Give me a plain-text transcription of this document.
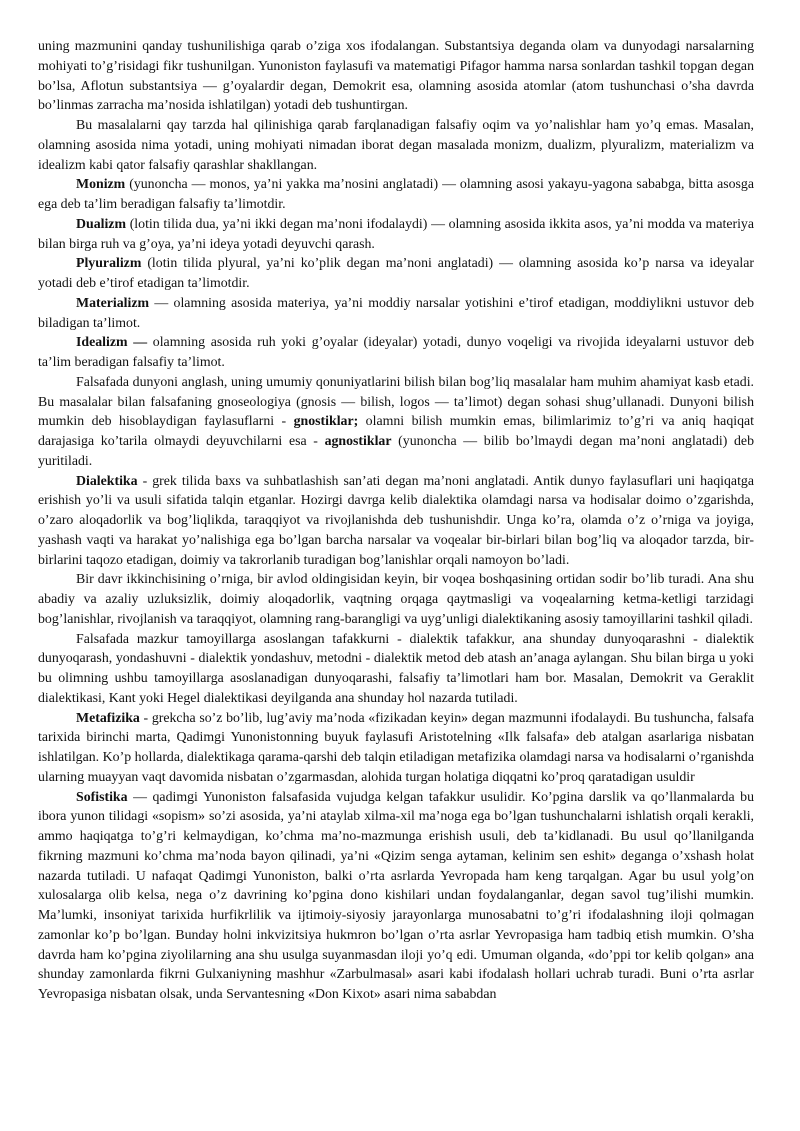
uning mazmunini qanday tushunilishiga qarab o’ziga xos ifodalangan. Substantsiya deganda olam va dunyodagi narsalarning mohiyati to’g’risidagi fikr tushunilgan. Yunoniston faylasufi va matematigi Pifagor hamma narsa sonlardan tashkil topgan degan bo’lsa, Aflotun substantsiya — g’oyalardir degan, Demokrit esa, olamning asosida atomlar (atom tushunchasi o’sha davrda bo’linmas zarracha ma’nosida ishlatilgan) yotadi deb tushuntirgan.

Bu masalalarni qay tarzda hal qilinishiga qarab farqlanadigan falsafiy oqim va yo’nalishlar ham yo’q emas. Masalan, olamning asosida nima yotadi, uning mohiyati nimadan iborat degan masalada monizm, dualizm, plyuralizm, materializm va idealizm kabi qator falsafiy qarashlar shakllangan.

Monizm (yunoncha — monos, ya’ni yakka ma’nosini anglatadi) — olamning asosi yakayu-yagona sababga, bitta asosga ega deb ta’lim beradigan falsafiy ta’limotdir.

Dualizm (lotin tilida dua, ya’ni ikki degan ma’noni ifodalaydi) — olamning asosida ikkita asos, ya’ni modda va materiya bilan birga ruh va g’oya, ya’ni ideya yotadi deyuvchi qarash.

Plyuralizm (lotin tilida plyural, ya’ni ko’plik degan ma’noni anglatadi) — olamning asosida ko’p narsa va ideyalar yotadi deb e’tirof etadigan ta’limotdir.

Materializm — olamning asosida materiya, ya’ni moddiy narsalar yotishini e’tirof etadigan, moddiylikni ustuvor deb biladigan ta’limot.

Idealizm — olamning asosida ruh yoki g’oyalar (ideyalar) yotadi, dunyo voqeligi va rivojida ideyalarni ustuvor deb ta’lim beradigan falsafiy ta’limot.

Falsafada dunyoni anglash, uning umumiy qonuniyatlarini bilish bilan bog’liq masalalar ham muhim ahamiyat kasb etadi. Bu masalalar bilan falsafaning gnoseologiya (gnosis — bilish, logos — ta’limot) degan sohasi shug’ullanadi. Dunyoni bilish mumkin deb hisoblaydigan faylasuflarni - gnostiklar; olamni bilish mumkin emas, bilimlarimiz to’g’ri va aniq haqiqat darajasiga ko’tarila olmaydi deyuvchilarni esa - agnostiklar (yunoncha — bilib bo’lmaydi degan ma’noni anglatadi) deb yuritiladi.

Dialektika - grek tilida baxs va suhbatlashish san’ati degan ma’noni anglatadi. Antik dunyo faylasuflari uni haqiqatga erishish yo’li va usuli sifatida talqin etganlar. Hozirgi davrga kelib dialektika olamdagi narsa va hodisalar doimo o’zgarishda, o’zaro aloqadorlik va bog’liqlikda, taraqqiyot va rivojlanishda deb tushunishdir. Unga ko’ra, olamda o’z o’rniga va joyiga, yashash vaqti va harakat yo’nalishiga ega bo’lgan barcha narsalar va voqealar bir-birlari bilan bog’liq va aloqador tarzda, bir-birlarini taqozo etadigan, doimiy va takrorlanib turadigan bog’lanishlar orqali namoyon bo’ladi.

Bir davr ikkinchisining o’rniga, bir avlod oldingisidan keyin, bir voqea boshqasining ortidan sodir bo’lib turadi. Ana shu abadiy va azaliy uzluksizlik, doimiy aloqadorlik, vaqtning orqaga qaytmasligi va voqealarning ketma-ketligi tarzidagi bog’lanishlar, rivojlanish va taraqqiyot, olamning rang-barangligi va uyg’unligi dialektikaning asosiy tamoyillarini tashkil qiladi.

Falsafada mazkur tamoyillarga asoslangan tafakkurni - dialektik tafakkur, ana shunday dunyoqarashni - dialektik dunyoqarash, yondashuvni - dialektik yondashuv, metodni - dialektik metod deb atash an’anaga aylangan. Shu bilan birga u yoki bu olimning ushbu tamoyillarga asoslanadigan dunyoqarashi, falsafiy ta’limotlari ham bor. Masalan, Demokrit va Geraklit dialektikasi, Kant yoki Hegel dialektikasi deyilganda ana shunday hol nazarda tutiladi.

Metafizika - grekcha so’z bo’lib, lug’aviy ma’noda «fizikadan keyin» degan mazmunni ifodalaydi. Bu tushuncha, falsafa tarixida birinchi marta, Qadimgi Yunonistonning buyuk faylasufi Aristotelning «Ilk falsafa» deb atalgan asarlariga nisbatan ishlatilgan. Ko’p hollarda, dialektikaga qarama-qarshi deb talqin etiladigan metafizika olamdagi narsa va hodisalarni o’rganishda ularning muayyan vaqt davomida nisbatan o’zgarmasdan, alohida turgan holatiga diqqatni ko’proq qaratadigan usuldir

Sofistika — qadimgi Yunoniston falsafasida vujudga kelgan tafakkur usulidir. Ko’pgina darslik va qo’llanmalarda bu ibora yunon tilidagi «sopism» so’zi asosida, ya’ni ataylab xilma-xil ma’noga ega bo’lgan tushunchalarni ishlatish orqali kerakli, ammo haqiqatga to’g’ri kelmaydigan, ko’chma ma’no-mazmunga erishish usuli, deb ta’kidlanadi. Bu usul qo’llanilganda fikrning mazmuni ko’chma ma’noda bayon qilinadi, ya’ni «Qizim senga aytaman, kelinim sen eshit» deganga o’xshash holat nazarda tutiladi. U nafaqat Qadimgi Yunoniston, balki o’rta asrlarda Yevropada ham keng tarqalgan. Agar bu usul yolg’on xulosalarga olib kelsa, nega o’z davrining ko’pgina dono kishilari undan foydalanganlar, degan savol tug’ilishi mumkin. Ma’lumki, insoniyat tarixida hurfikrlilik va ijtimoiy-siyosiy jarayonlarga munosabatni to’g’ri ifodalashning iloji qolmagan zamonlar ko’p bo’lgan. Bunday holni inkvizitsiya hukmron bo’lgan o’rta asrlar Yevropasiga ham tadbiq etish mumkin. O’sha davrda ham ko’pgina ziyolilarning ana shu usulga suyanmasdan iloji yo’q edi. Umuman olganda, «do’ppi tor kelib qolgan» ana shunday zamonlarda fikrni Gulxaniyning mashhur «Zarbulmasal» asari kabi ifodalash hollari uchrab turadi. Buni o’rta asrlar Yevropasiga nisbatan olsak, unda Servantesning «Don Kixot» asari nima sababdan
